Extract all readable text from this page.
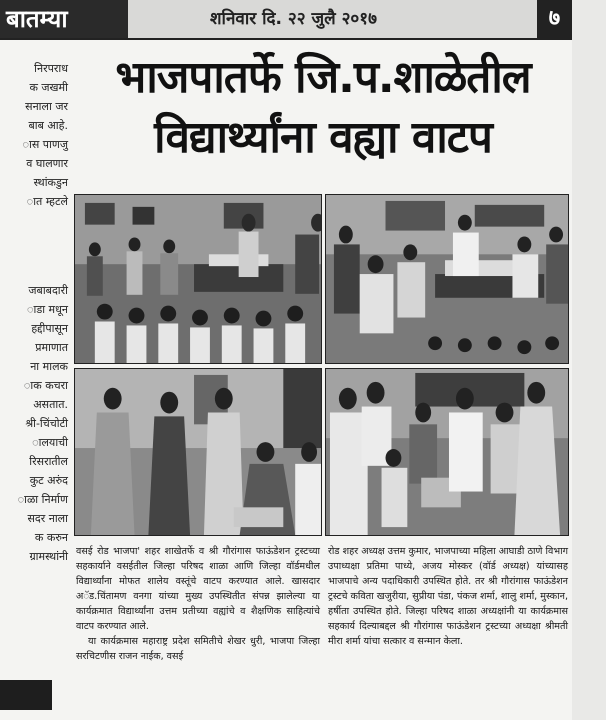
बातम्या	शनिवार दि. २२ जुलै २०१७	७
निरपराध
क जखमी
सनाला जर
बाब आहे.
ास पाणजु
व घालणार
स्थांकडुन
ात म्हटले
जबाबदारी
ाडा मधून
हद्दीपासून
प्रमाणात
ना मालक
ाक कचरा
असतात.
श्री-चिंचोटी
ालयाची
रिसरातील
कुट अरुंद
ाळा निर्माण
सदर नाला
क करुन
ग्रामस्थांनी
भाजपातर्फे जि.प.शाळेतील
विद्यार्थ्यांना वह्या वाटप

वसई रोड भाजपा' शहर शाखेतर्फे व श्री गौरांगास फाऊंडेशन ट्रस्टच्या सहकार्याने वसईतील जिल्हा परिषद शाळा आणि जिल्हा वॉर्डमधील विद्यार्थ्यांना मोफत शालेय वस्तूंचे वाटप करण्यात आले. खासदार अॅड.चिंतामण वनगा यांच्या मुख्य उपस्थितीत संपन्न झालेल्या या कार्यक्रमात विद्यार्थ्यांना उत्तम प्रतीच्या वह्यांचे व शैक्षणिक साहित्यांचे वाटप करण्यात आले.

या कार्यक्रमास महाराष्ट्र प्रदेश समितीचे शेखर धुरी, भाजपा जिल्हा सरचिटणीस राजन नाईक, वसई

रोड शहर अध्यक्ष उत्तम कुमार, भाजपाच्या महिला आघाडी ठाणे विभाग उपाध्यक्षा प्रतिमा पाध्ये, अजय मोस्कर (वॉर्ड अध्यक्ष) यांच्यासह भाजपाचे अन्य पदाधिकारी उपस्थित होते. तर श्री गौरांगास फाऊंडेशन ट्रस्टचे कविता खजुरीया, सुप्रीया पंडा, पंकज शर्मा, शालु शर्मा, मुस्कान, हर्षीता उपस्थित होते. जिल्हा परिषद शाळा अध्यक्षांनी या कार्यक्रमास सहकार्य दिल्याबद्दल श्री गौरांगास फाऊंडेशन ट्रस्टच्या अध्यक्षा श्रीमती मीरा शर्मा यांचा सत्कार व सन्मान केला.
